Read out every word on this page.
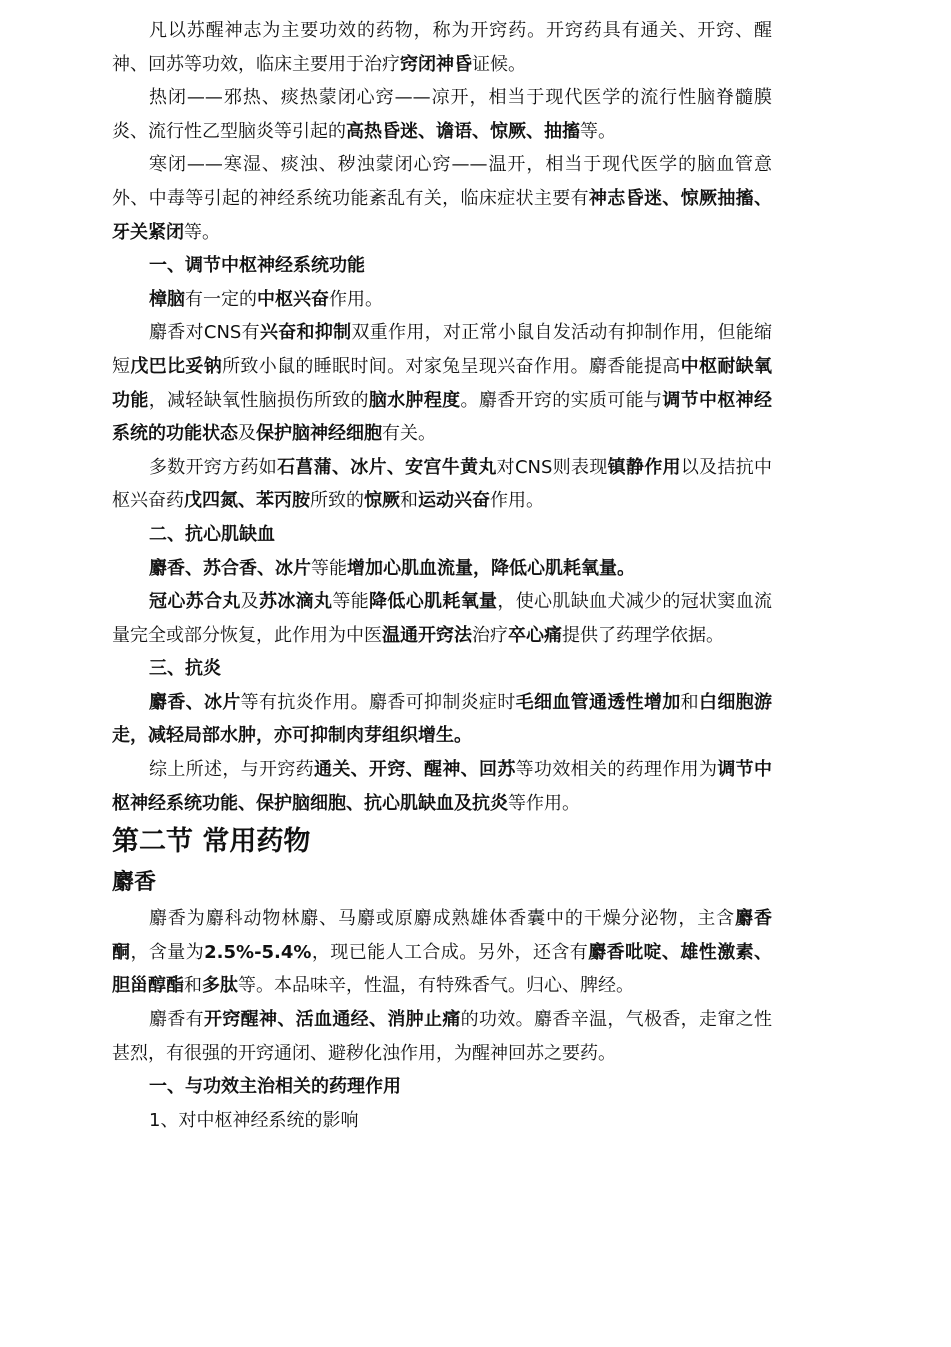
凡以苏醒神志为主要功效的药物，称为开窍药。开窍药具有通关、开窍、醒神、回苏等功效，临床主要用于治疗窍闭神昏证候。

热闭——邪热、痰热蒙闭心窍——凉开，相当于现代医学的流行性脑脊髓膜炎、流行性乙型脑炎等引起的高热昏迷、谵语、惊厥、抽搐等。

寒闭——寒湿、痰浊、秽浊蒙闭心窍——温开，相当于现代医学的脑血管意外、中毒等引起的神经系统功能紊乱有关，临床症状主要有神志昏迷、惊厥抽搐、牙关紧闭等。

一、调节中枢神经系统功能

樟脑有一定的中枢兴奋作用。

麝香对CNS有兴奋和抑制双重作用，对正常小鼠自发活动有抑制作用，但能缩短戊巴比妥钠所致小鼠的睡眠时间。对家兔呈现兴奋作用。麝香能提高中枢耐缺氧功能，减轻缺氧性脑损伤所致的脑水肿程度。麝香开窍的实质可能与调节中枢神经系统的功能状态及保护脑神经细胞有关。

多数开窍方药如石菖蒲、冰片、安宫牛黄丸对CNS则表现镇静作用以及拮抗中枢兴奋药戊四氮、苯丙胺所致的惊厥和运动兴奋作用。

二、抗心肌缺血

麝香、苏合香、冰片等能增加心肌血流量，降低心肌耗氧量。

冠心苏合丸及苏冰滴丸等能降低心肌耗氧量，使心肌缺血犬减少的冠状窦血流量完全或部分恢复，此作用为中医温通开窍法治疗卒心痛提供了药理学依据。

三、抗炎

麝香、冰片等有抗炎作用。麝香可抑制炎症时毛细血管通透性增加和白细胞游走，减轻局部水肿，亦可抑制肉芽组织增生。

综上所述，与开窍药通关、开窍、醒神、回苏等功效相关的药理作用为调节中枢神经系统功能、保护脑细胞、抗心肌缺血及抗炎等作用。

第二节 常用药物

麝香

麝香为麝科动物林麝、马麝或原麝成熟雄体香囊中的干燥分泌物，主含麝香酮，含量为2.5%-5.4%，现已能人工合成。另外，还含有麝香吡啶、雄性激素、胆甾醇酯和多肽等。本品味辛，性温，有特殊香气。归心、脾经。

麝香有开窍醒神、活血通经、消肿止痛的功效。麝香辛温，气极香，走窜之性甚烈，有很强的开窍通闭、避秽化浊作用，为醒神回苏之要药。

一、与功效主治相关的药理作用

1、对中枢神经系统的影响
